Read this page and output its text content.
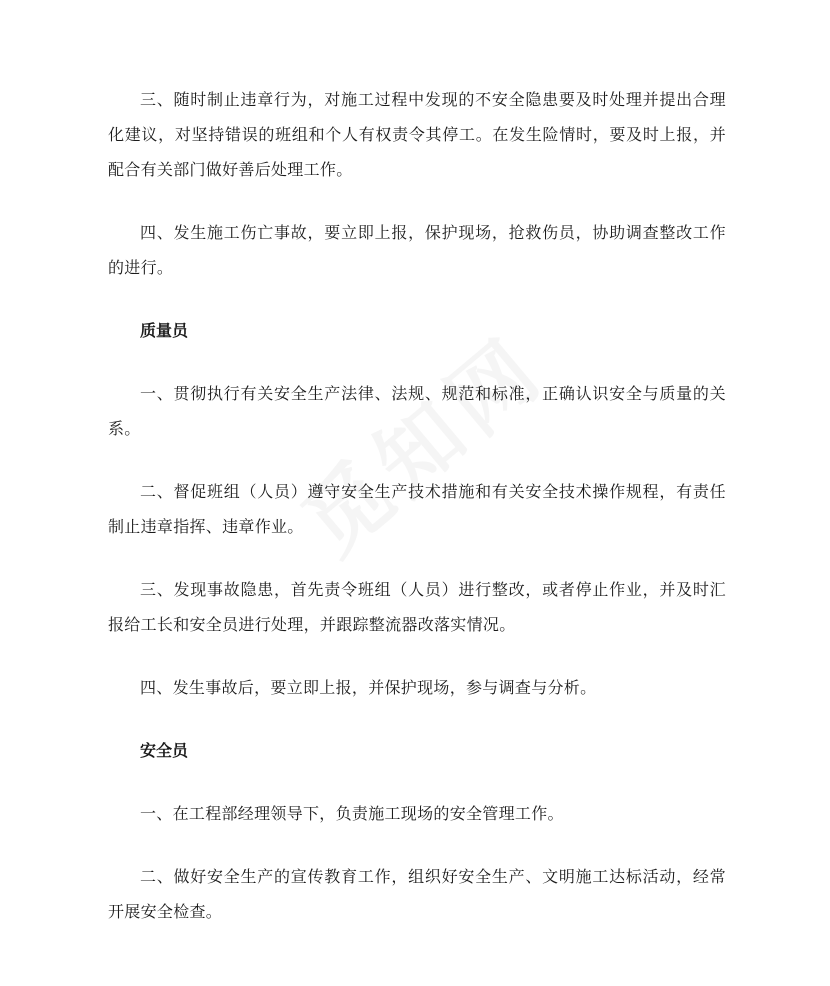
三、随时制止违章行为，对施工过程中发现的不安全隐患要及时处理并提出合理化建议，对坚持错误的班组和个人有权责令其停工。在发生险情时，要及时上报，并配合有关部门做好善后处理工作。

四、发生施工伤亡事故，要立即上报，保护现场，抢救伤员，协助调查整改工作的进行。

质量员

一、贯彻执行有关安全生产法律、法规、规范和标准，正确认识安全与质量的关系。

二、督促班组（人员）遵守安全生产技术措施和有关安全技术操作规程，有责任制止违章指挥、违章作业。

三、发现事故隐患，首先责令班组（人员）进行整改，或者停止作业，并及时汇报给工长和安全员进行处理，并跟踪整流器改落实情况。

四、发生事故后，要立即上报，并保护现场，参与调查与分析。

安全员

一、在工程部经理领导下，负责施工现场的安全管理工作。

二、做好安全生产的宣传教育工作，组织好安全生产、文明施工达标活动，经常开展安全检查。
